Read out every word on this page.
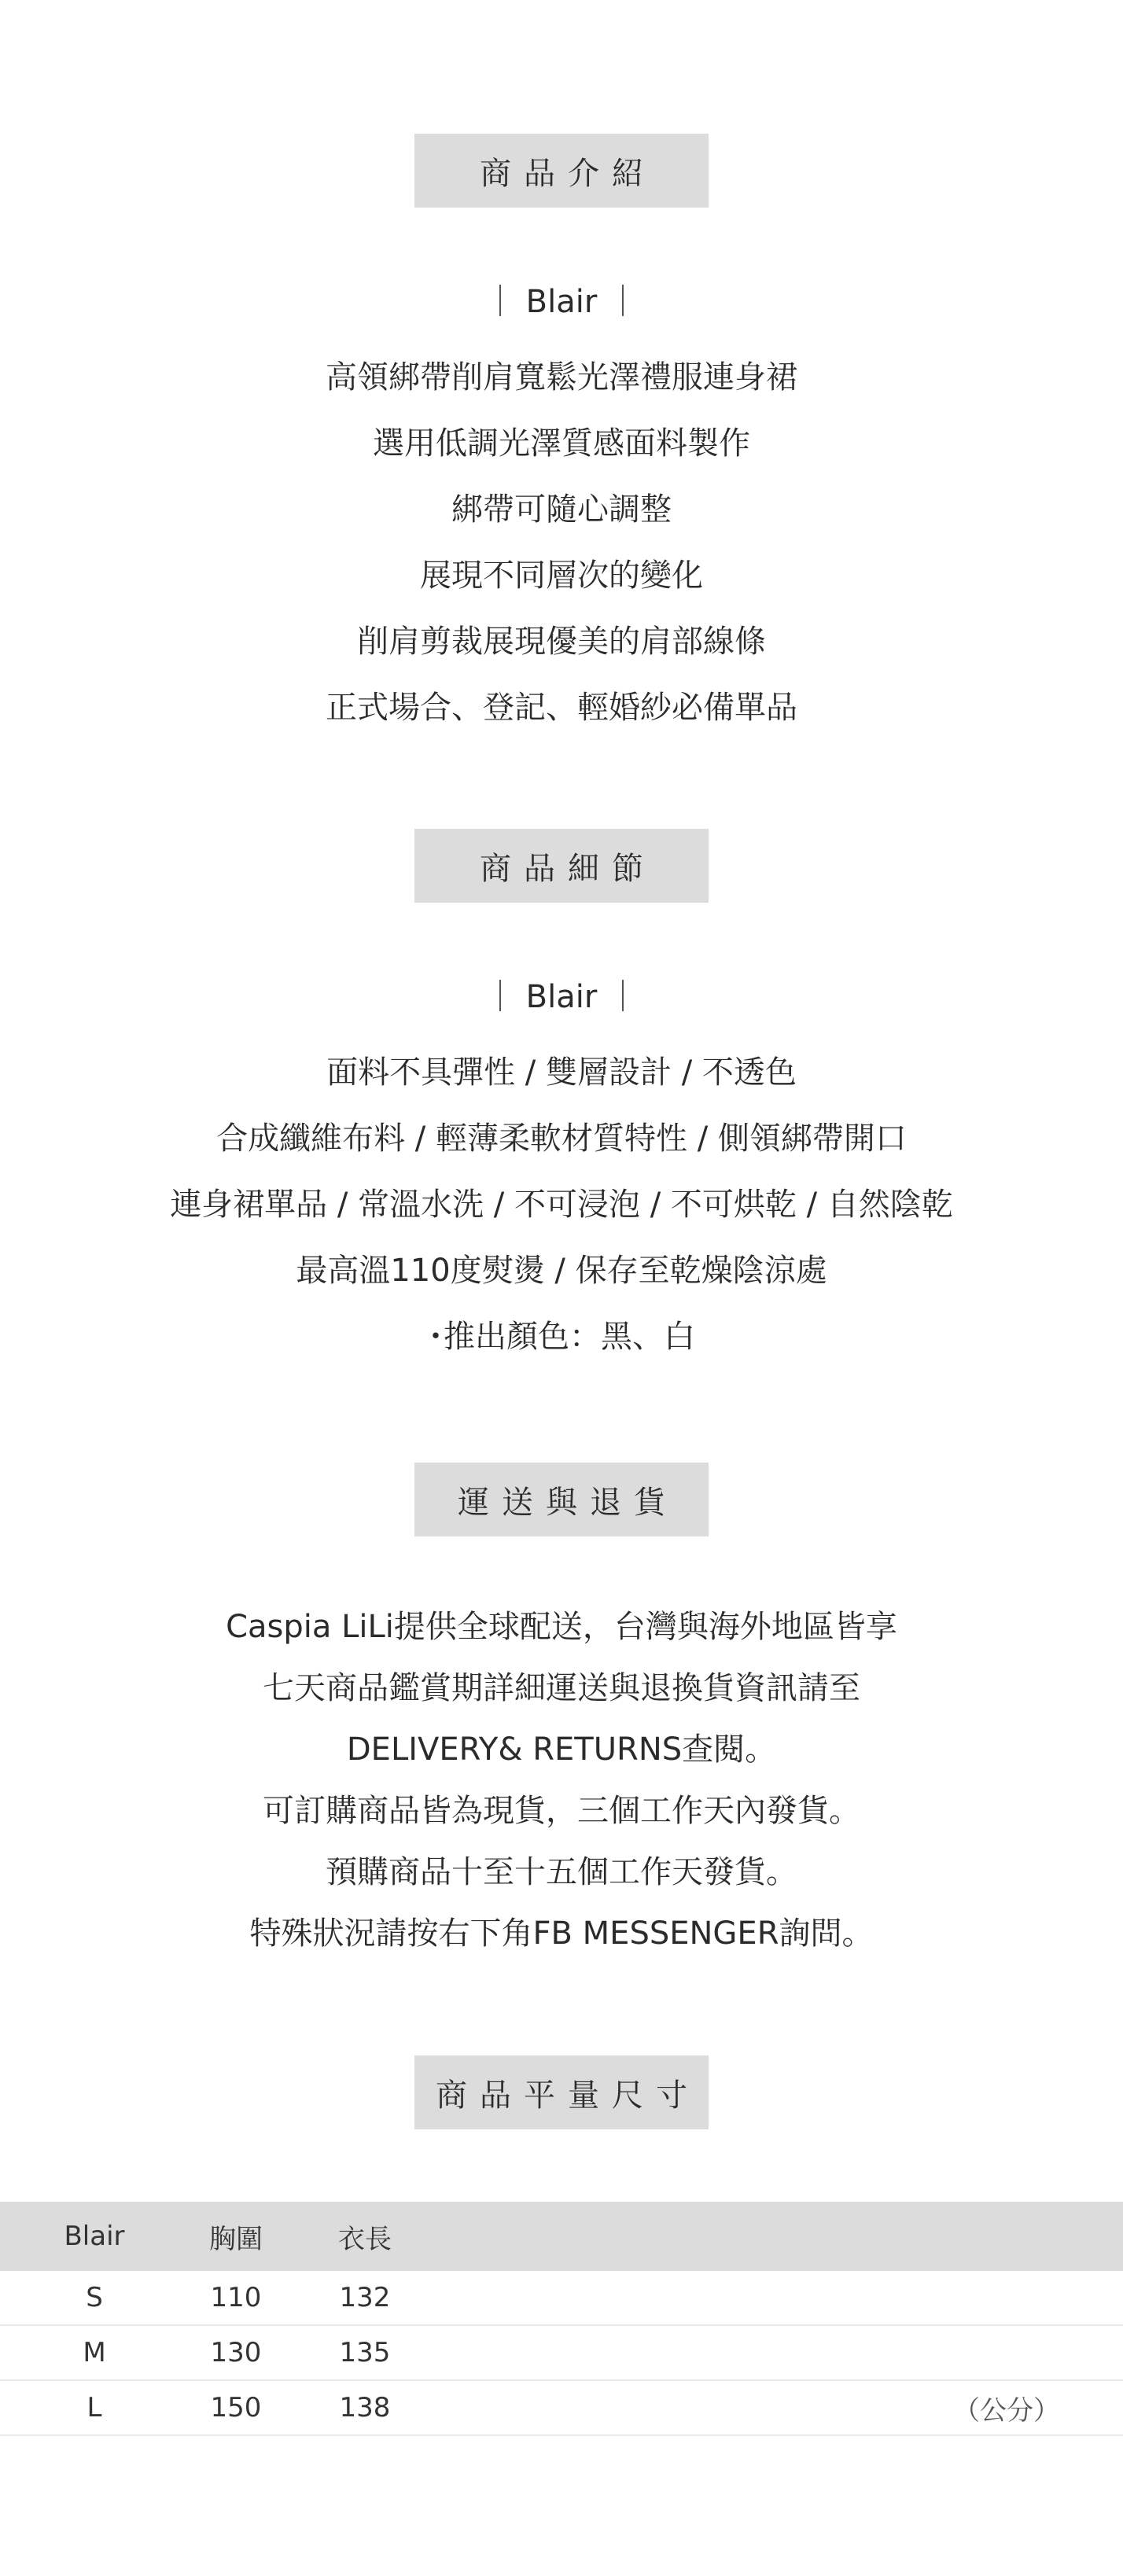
商品介紹
｜ Blair ｜
高領綁帶削肩寬鬆光澤禮服連身裙
選用低調光澤質感面料製作
綁帶可隨心調整
展現不同層次的變化
削肩剪裁展現優美的肩部線條
正式場合、登記、輕婚紗必備單品
商品細節
｜ Blair ｜
面料不具彈性 / 雙層設計 / 不透色
合成纖維布料 / 輕薄柔軟材質特性 / 側領綁帶開口
連身裙單品 / 常溫水洗 / 不可浸泡 / 不可烘乾 / 自然陰乾
最高溫110度熨燙 / 保存至乾燥陰涼處
･推出顏色：黑、白
運送與退貨
Caspia LiLi提供全球配送，台灣與海外地區皆享
七天商品鑑賞期詳細運送與退換貨資訊請至
DELIVERY& RETURNS查閱。
可訂購商品皆為現貨，三個工作天內發貨。
預購商品十至十五個工作天發貨。
特殊狀況請按右下角FB MESSENGER詢問。
商品平量尺寸
Blair	胸圍	衣長
S	110	132
M	130	135
L	150	138	（公分）
